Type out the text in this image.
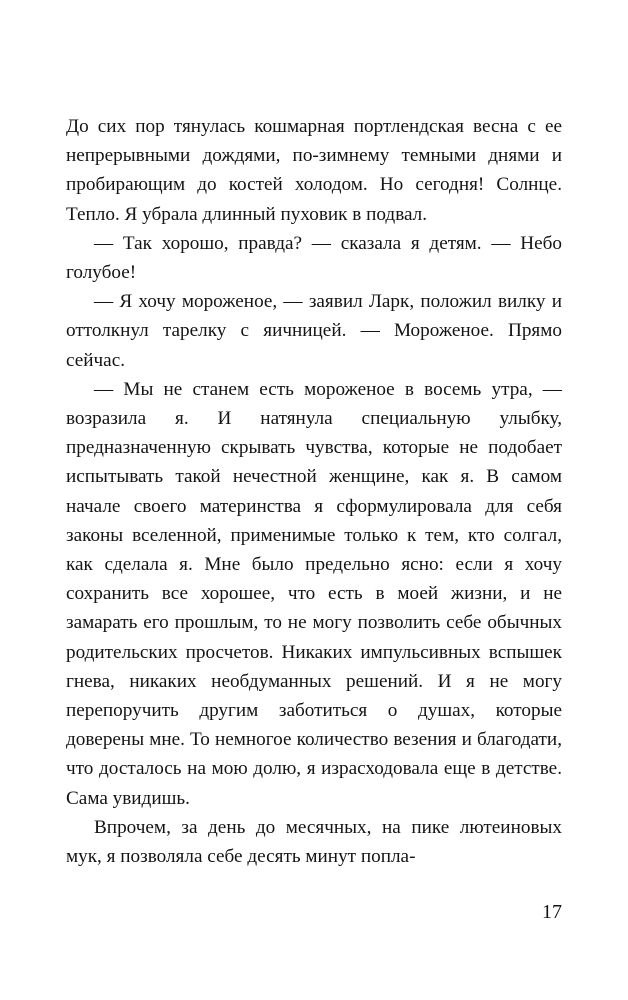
До сих пор тянулась кошмарная портлендская весна с ее непрерывными дождями, по-зимнему темными днями и пробирающим до костей холодом. Но сегодня! Солнце. Тепло. Я убрала длинный пуховик в подвал.

— Так хорошо, правда? — сказала я детям. — Небо голубое!

— Я хочу мороженое, — заявил Ларк, положил вилку и оттолкнул тарелку с яичницей. — Мороженое. Прямо сейчас.

— Мы не станем есть мороженое в восемь утра, — возразила я. И натянула специальную улыбку, предназначенную скрывать чувства, которые не подобает испытывать такой нечестной женщине, как я. В самом начале своего материнства я сформулировала для себя законы вселенной, применимые только к тем, кто солгал, как сделала я. Мне было предельно ясно: если я хочу сохранить все хорошее, что есть в моей жизни, и не замарать его прошлым, то не могу позволить себе обычных родительских просчетов. Никаких импульсивных вспышек гнева, никаких необдуманных решений. И я не могу перепоручить другим заботиться о душах, которые доверены мне. То немногое количество везения и благодати, что досталось на мою долю, я израсходовала еще в детстве. Сама увидишь.

Впрочем, за день до месячных, на пике лютеиновых мук, я позволяла себе десять минут попла-

17
